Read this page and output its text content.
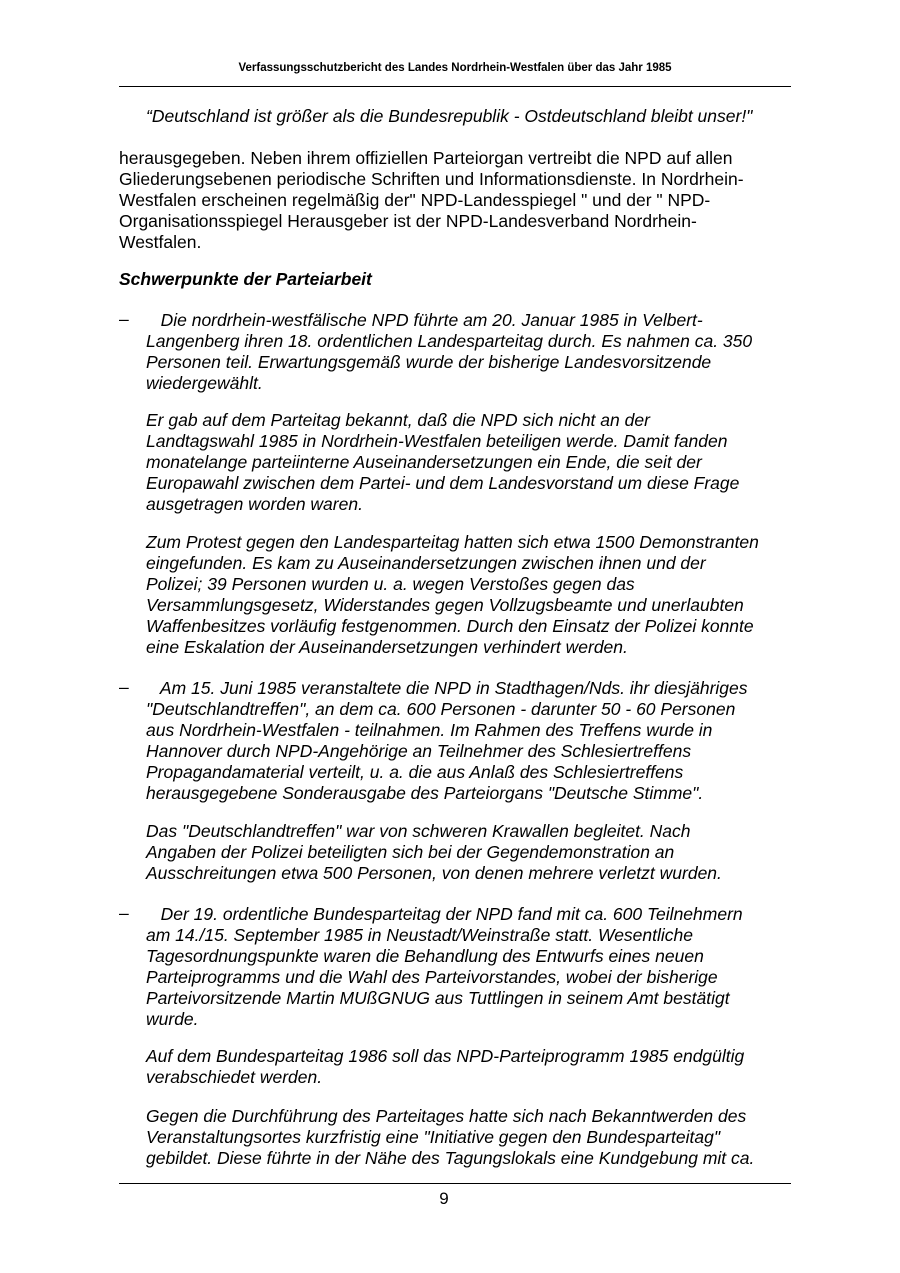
Verfassungsschutzbericht des Landes Nordrhein-Westfalen über das Jahr 1985
“Deutschland ist größer als die Bundesrepublik - Ostdeutschland bleibt unser!"
herausgegeben. Neben ihrem offiziellen Parteiorgan vertreibt die NPD auf allen
Gliederungsebenen periodische Schriften und Informationsdienste. In Nordrhein-
Westfalen erscheinen regelmäßig der" NPD-Landesspiegel " und der " NPD-
Organisationsspiegel Herausgeber ist der NPD-Landesverband Nordrhein-
Westfalen.
Schwerpunkte der Parteiarbeit
– Die nordrhein-westfälische NPD führte am 20. Januar 1985 in Velbert-
Langenberg ihren 18. ordentlichen Landesparteitag durch. Es nahmen ca. 350
Personen teil. Erwartungsgemäß wurde der bisherige Landesvorsitzende
wiedergewählt.
Er gab auf dem Parteitag bekannt, daß die NPD sich nicht an der
Landtagswahl 1985 in Nordrhein-Westfalen beteiligen werde. Damit fanden
monatelange parteiinterne Auseinandersetzungen ein Ende, die seit der
Europawahl zwischen dem Partei- und dem Landesvorstand um diese Frage
ausgetragen worden waren.
Zum Protest gegen den Landesparteitag hatten sich etwa 1500 Demonstranten
eingefunden. Es kam zu Auseinandersetzungen zwischen ihnen und der
Polizei; 39 Personen wurden u. a. wegen Verstoßes gegen das
Versammlungsgesetz, Widerstandes gegen Vollzugsbeamte und unerlaubten
Waffenbesitzes vorläufig festgenommen. Durch den Einsatz der Polizei konnte
eine Eskalation der Auseinandersetzungen verhindert werden.
– Am 15. Juni 1985 veranstaltete die NPD in Stadthagen/Nds. ihr diesjähriges
"Deutschlandtreffen", an dem ca. 600 Personen - darunter 50 - 60 Personen
aus Nordrhein-Westfalen - teilnahmen. Im Rahmen des Treffens wurde in
Hannover durch NPD-Angehörige an Teilnehmer des Schlesiertreffens
Propagandamaterial verteilt, u. a. die aus Anlaß des Schlesiertreffens
herausgegebene Sonderausgabe des Parteiorgans "Deutsche Stimme".
Das "Deutschlandtreffen" war von schweren Krawallen begleitet. Nach
Angaben der Polizei beteiligten sich bei der Gegendemonstration an
Ausschreitungen etwa 500 Personen, von denen mehrere verletzt wurden.
– Der 19. ordentliche Bundesparteitag der NPD fand mit ca. 600 Teilnehmern
am 14./15. September 1985 in Neustadt/Weinstraße statt. Wesentliche
Tagesordnungspunkte waren die Behandlung des Entwurfs eines neuen
Parteiprogramms und die Wahl des Parteivorstandes, wobei der bisherige
Parteivorsitzende Martin MUßGNUG aus Tuttlingen in seinem Amt bestätigt
wurde.
Auf dem Bundesparteitag 1986 soll das NPD-Parteiprogramm 1985 endgültig
verabschiedet werden.
Gegen die Durchführung des Parteitages hatte sich nach Bekanntwerden des
Veranstaltungsortes kurzfristig eine "Initiative gegen den Bundesparteitag"
gebildet. Diese führte in der Nähe des Tagungslokals eine Kundgebung mit ca.
9
